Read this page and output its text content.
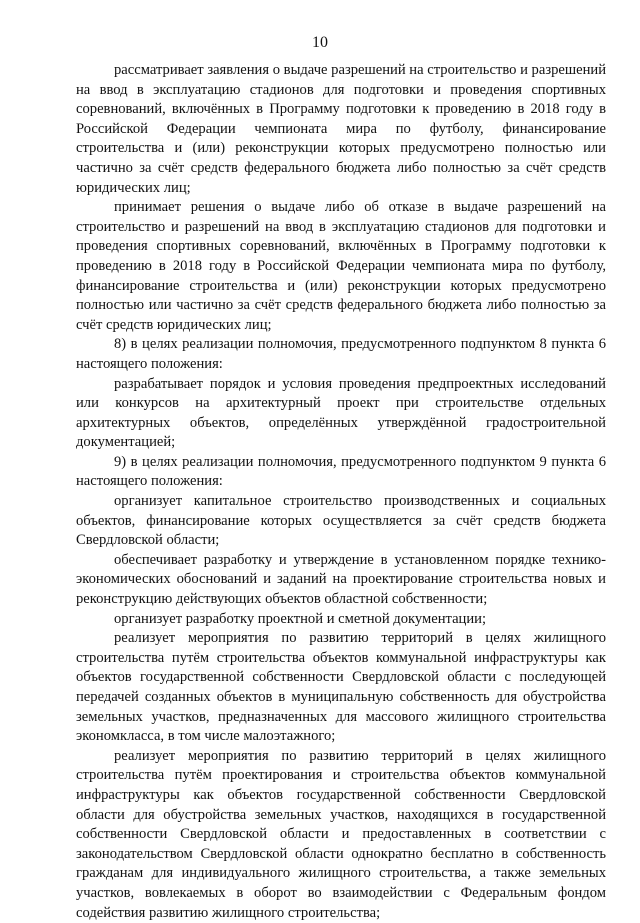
10

рассматривает заявления о выдаче разрешений на строительство и разрешений на ввод в эксплуатацию стадионов для подготовки и проведения спортивных соревнований, включённых в Программу подготовки к проведению в 2018 году в Российской Федерации чемпионата мира по футболу, финансирование строительства и (или) реконструкции которых предусмотрено полностью или частично за счёт средств федерального бюджета либо полностью за счёт средств юридических лиц;

принимает решения о выдаче либо об отказе в выдаче разрешений на строительство и разрешений на ввод в эксплуатацию стадионов для подготовки и проведения спортивных соревнований, включённых в Программу подготовки к проведению в 2018 году в Российской Федерации чемпионата мира по футболу, финансирование строительства и (или) реконструкции которых предусмотрено полностью или частично за счёт средств федерального бюджета либо полностью за счёт средств юридических лиц;

8) в целях реализации полномочия, предусмотренного подпунктом 8 пункта 6 настоящего положения:

разрабатывает порядок и условия проведения предпроектных исследований или конкурсов на архитектурный проект при строительстве отдельных архитектурных объектов, определённых утверждённой градостроительной документацией;

9) в целях реализации полномочия, предусмотренного подпунктом 9 пункта 6 настоящего положения:

организует капитальное строительство производственных и социальных объектов, финансирование которых осуществляется за счёт средств бюджета Свердловской области;

обеспечивает разработку и утверждение в установленном порядке технико-экономических обоснований и заданий на проектирование строительства новых и реконструкцию действующих объектов областной собственности;

организует разработку проектной и сметной документации;

реализует мероприятия по развитию территорий в целях жилищного строительства путём строительства объектов коммунальной инфраструктуры как объектов государственной собственности Свердловской области с последующей передачей созданных объектов в муниципальную собственность для обустройства земельных участков, предназначенных для массового жилищного строительства экономкласса, в том числе малоэтажного;

реализует мероприятия по развитию территорий в целях жилищного строительства путём проектирования и строительства объектов коммунальной инфраструктуры как объектов государственной собственности Свердловской области для обустройства земельных участков, находящихся в государственной собственности Свердловской области и предоставленных в соответствии с законодательством Свердловской области однократно бесплатно в собственность гражданам для индивидуального жилищного строительства, а также земельных участков, вовлекаемых в оборот во взаимодействии с Федеральным фондом содействия развитию жилищного строительства;
